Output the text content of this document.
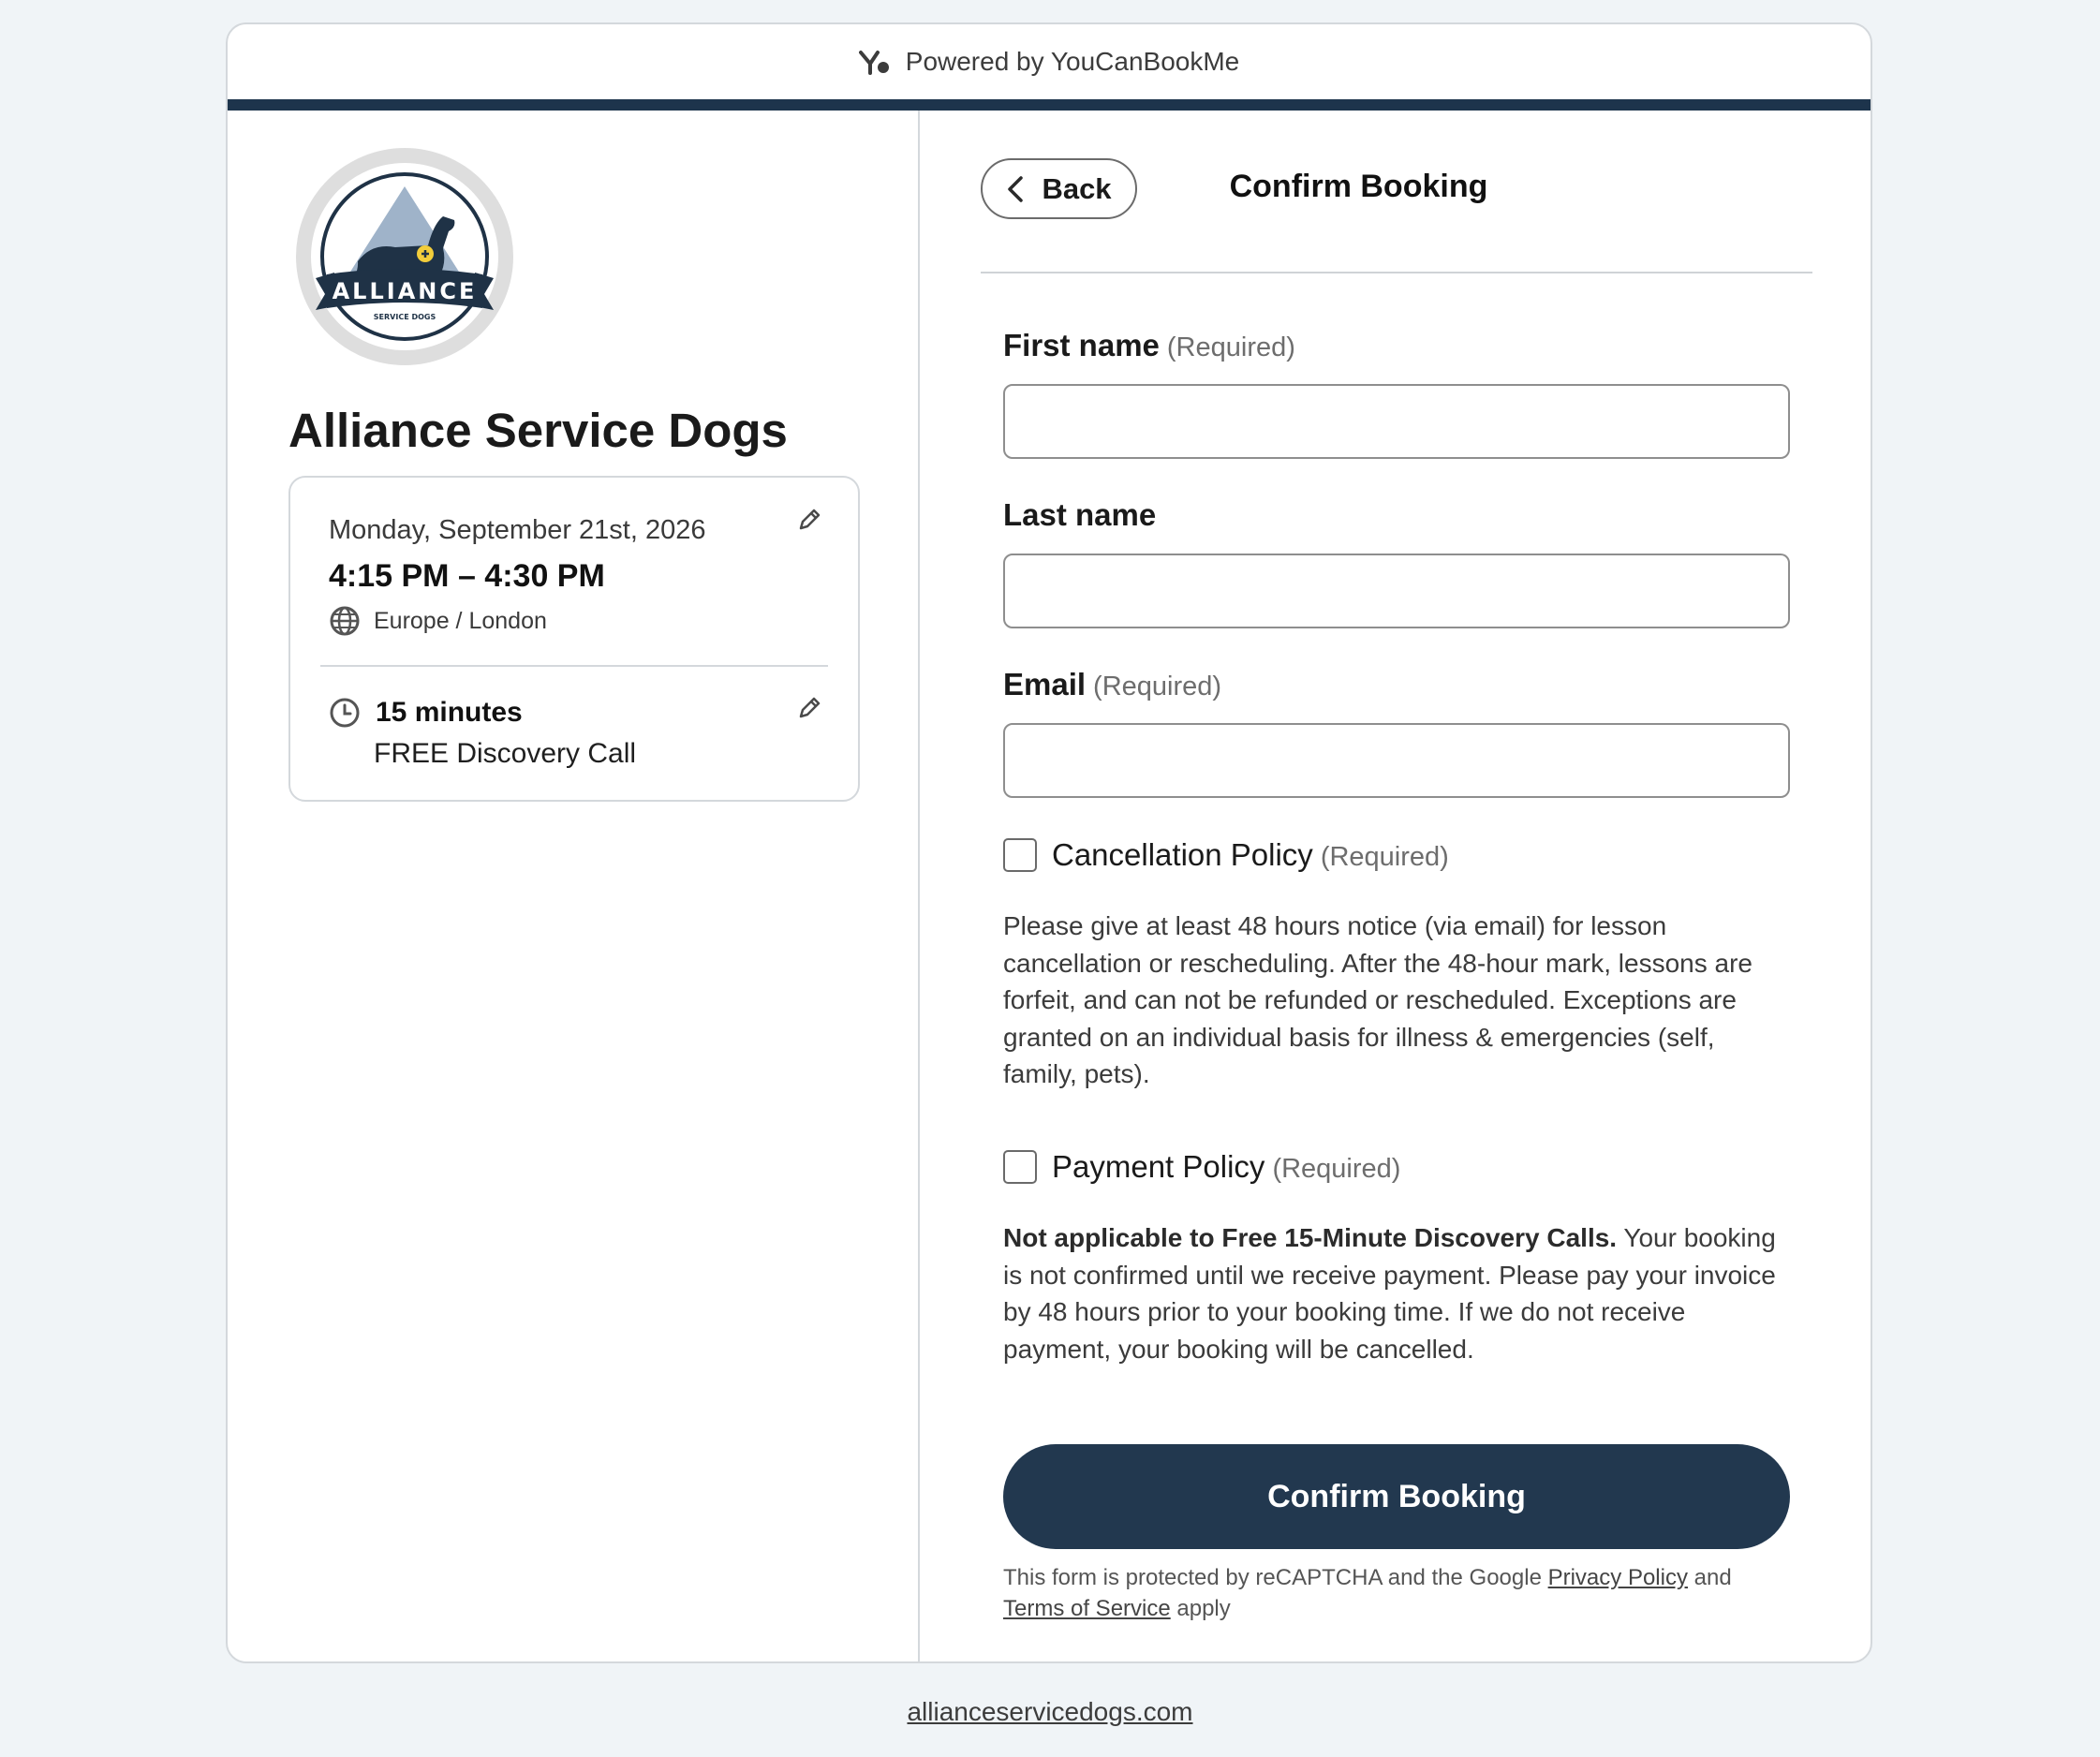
Powered by YouCanBookMe
ALLIANCE
SERVICE DOGS
Alliance Service Dogs
Monday, September 21st, 2026
4:15 PM – 4:30 PM
Europe / London
15 minutes
FREE Discovery Call
Back	Confirm Booking
First name (Required)
Last name
Email (Required)
Cancellation Policy (Required)

Please give at least 48 hours notice (via email) for lesson cancellation or rescheduling. After the 48-hour mark, lessons are forfeit, and can not be refunded or rescheduled. Exceptions are granted on an individual basis for illness & emergencies (self, family, pets).

Payment Policy (Required)

Not applicable to Free 15-Minute Discovery Calls. Your booking is not confirmed until we receive payment. Please pay your invoice by 48 hours prior to your booking time. If we do not receive payment, your booking will be cancelled.

Confirm Booking

This form is protected by reCAPTCHA and the Google Privacy Policy and
Terms of Service apply

allianceservicedogs.com
